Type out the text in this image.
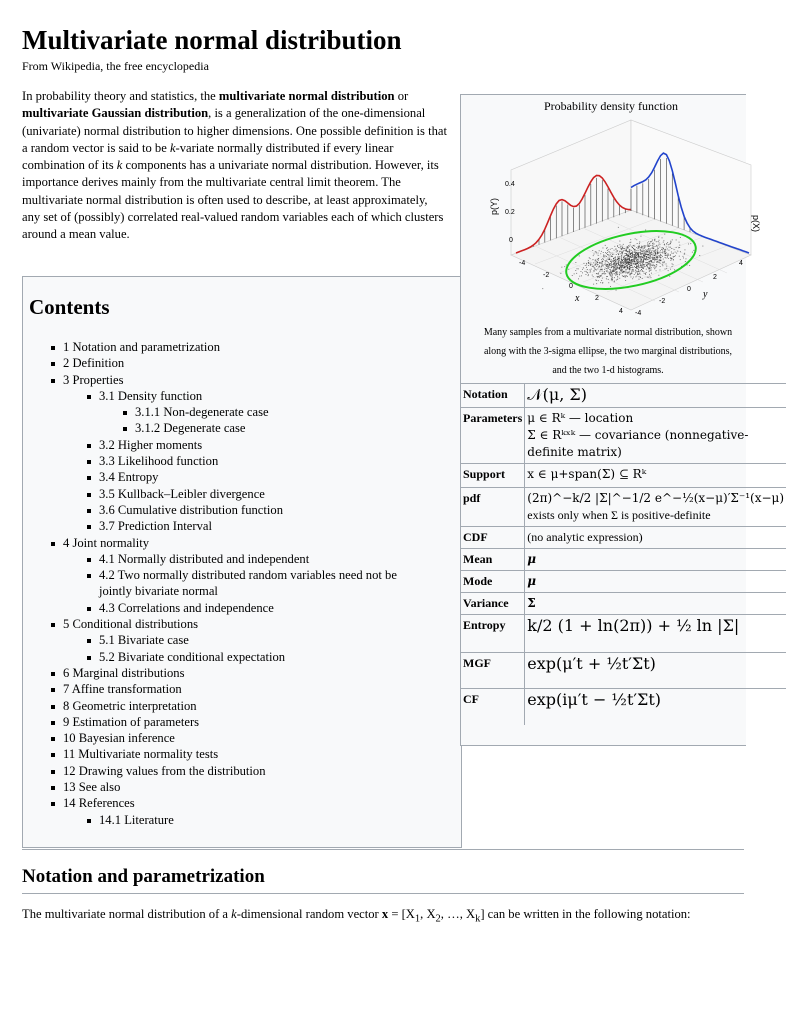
Multivariate normal distribution
From Wikipedia, the free encyclopedia
In probability theory and statistics, the multivariate normal distribution or multivariate Gaussian distribution, is a generalization of the one-dimensional (univariate) normal distribution to higher dimensions. One possible definition is that a random vector is said to be k-variate normally distributed if every linear combination of its k components has a univariate normal distribution. However, its importance derives mainly from the multivariate central limit theorem. The multivariate normal distribution is often used to describe, at least approximately, any set of (possibly) correlated real-valued random variables each of which clusters around a mean value.
Contents
1 Notation and parametrization
2 Definition
3 Properties
3.1 Density function
3.1.1 Non-degenerate case
3.1.2 Degenerate case
3.2 Higher moments
3.3 Likelihood function
3.4 Entropy
3.5 Kullback–Leibler divergence
3.6 Cumulative distribution function
3.7 Prediction Interval
4 Joint normality
4.1 Normally distributed and independent
4.2 Two normally distributed random variables need not be jointly bivariate normal
4.3 Correlations and independence
5 Conditional distributions
5.1 Bivariate case
5.2 Bivariate conditional expectation
6 Marginal distributions
7 Affine transformation
8 Geometric interpretation
9 Estimation of parameters
10 Bayesian inference
11 Multivariate normality tests
12 Drawing values from the distribution
13 See also
14 References
14.1 Literature
Probability density function
p(Y)
p(X)
0.4
0.2
0
-4
-2
0
2
4 -4
-2
0
2
4
x	y
Many samples from a multivariate normal distribution, shown
along with the 3-sigma ellipse, the two marginal distributions,
and the two 1-d histograms.
Notation	𝒩(μ, Σ)
Parameters	μ ∈ Rᵏ — location
Σ ∈ Rᵏˣᵏ — covariance (nonnegative-definite matrix)

Support	x ∈ μ+span(Σ) ⊆ Rᵏ
pdf	(2π)^−k/2 |Σ|^−1/2 e^−½(x−μ)′Σ⁻¹(x−μ)
exists only when Σ is positive-definite

CDF	(no analytic expression)
Mean	μ
Mode	μ
Variance	Σ
Entropy	k/2 (1 + ln(2π)) + ½ ln |Σ|
MGF	exp(μ′t + ½t′Σt)
CF	exp(iμ′t − ½t′Σt)
Notation and parametrization
The multivariate normal distribution of a k-dimensional random vector $x = [X_1$, $X_2$, …, $X_k$] can be written in the following notation:
